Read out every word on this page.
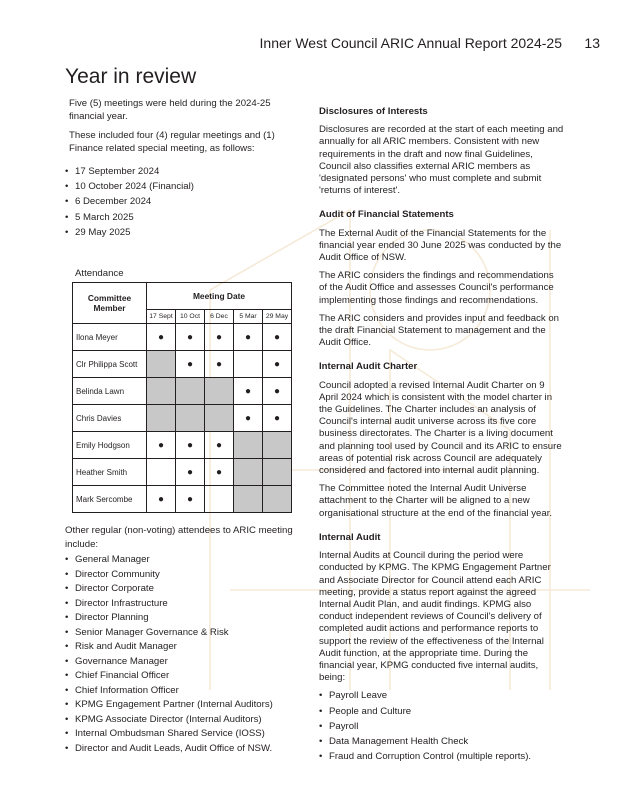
Inner West Council ARIC Annual Report 2024-25 13
Year in review

Five (5) meetings were held during the 2024-25 financial year.

These included four (4) regular meetings and (1) Finance related special meeting, as follows:

• 17 September 2024
• 10 October 2024 (Financial)
• 6 December 2024
• 5 March 2025
• 29 May 2025
Attendance
Committee Member	Meeting Date				
	17 Sept	10 Oct	6 Dec	5 Mar	29 May
Ilona Meyer	●	●	●	●	●
Clr Philippa Scott		●	●		●
Belinda Lawn				●	●
Chris Davies				●	●
Emily Hodgson	●	●	●		
Heather Smith		●	●		
Mark Sercombe	●	●			

Other regular (non-voting) attendees to ARIC meeting include:

• General Manager
• Director Community
• Director Corporate
• Director Infrastructure
• Director Planning
• Senior Manager Governance & Risk
• Risk and Audit Manager
• Governance Manager
• Chief Financial Officer
• Chief Information Officer
• KPMG Engagement Partner (Internal Auditors)
• KPMG Associate Director (Internal Auditors)
• Internal Ombudsman Shared Service (IOSS)
• Director and Audit Leads, Audit Office of NSW.
Disclosures of Interests

Disclosures are recorded at the start of each meeting and annually for all ARIC members. Consistent with new requirements in the draft and now final Guidelines, Council also classifies external ARIC members as 'designated persons' who must complete and submit 'returns of interest'.

Audit of Financial Statements

The External Audit of the Financial Statements for the financial year ended 30 June 2025 was conducted by the Audit Office of NSW.

The ARIC considers the findings and recommendations of the Audit Office and assesses Council's performance implementing those findings and recommendations.

The ARIC considers and provides input and feedback on the draft Financial Statement to management and the Audit Office.

Internal Audit Charter

Council adopted a revised Internal Audit Charter on 9 April 2024 which is consistent with the model charter in the Guidelines. The Charter includes an analysis of Council's internal audit universe across its five core business directorates. The Charter is a living document and planning tool used by Council and its ARIC to ensure areas of potential risk across Council are adequately considered and factored into internal audit planning.

The Committee noted the Internal Audit Universe attachment to the Charter will be aligned to a new organisational structure at the end of the financial year.

Internal Audit

Internal Audits at Council during the period were conducted by KPMG. The KPMG Engagement Partner and Associate Director for Council attend each ARIC meeting, provide a status report against the agreed Internal Audit Plan, and audit findings. KPMG also conduct independent reviews of Council's delivery of completed audit actions and performance reports to support the review of the effectiveness of the Internal Audit function, at the appropriate time. During the financial year, KPMG conducted five internal audits, being:

• Payroll Leave
• People and Culture
• Payroll
• Data Management Health Check
• Fraud and Corruption Control (multiple reports).
